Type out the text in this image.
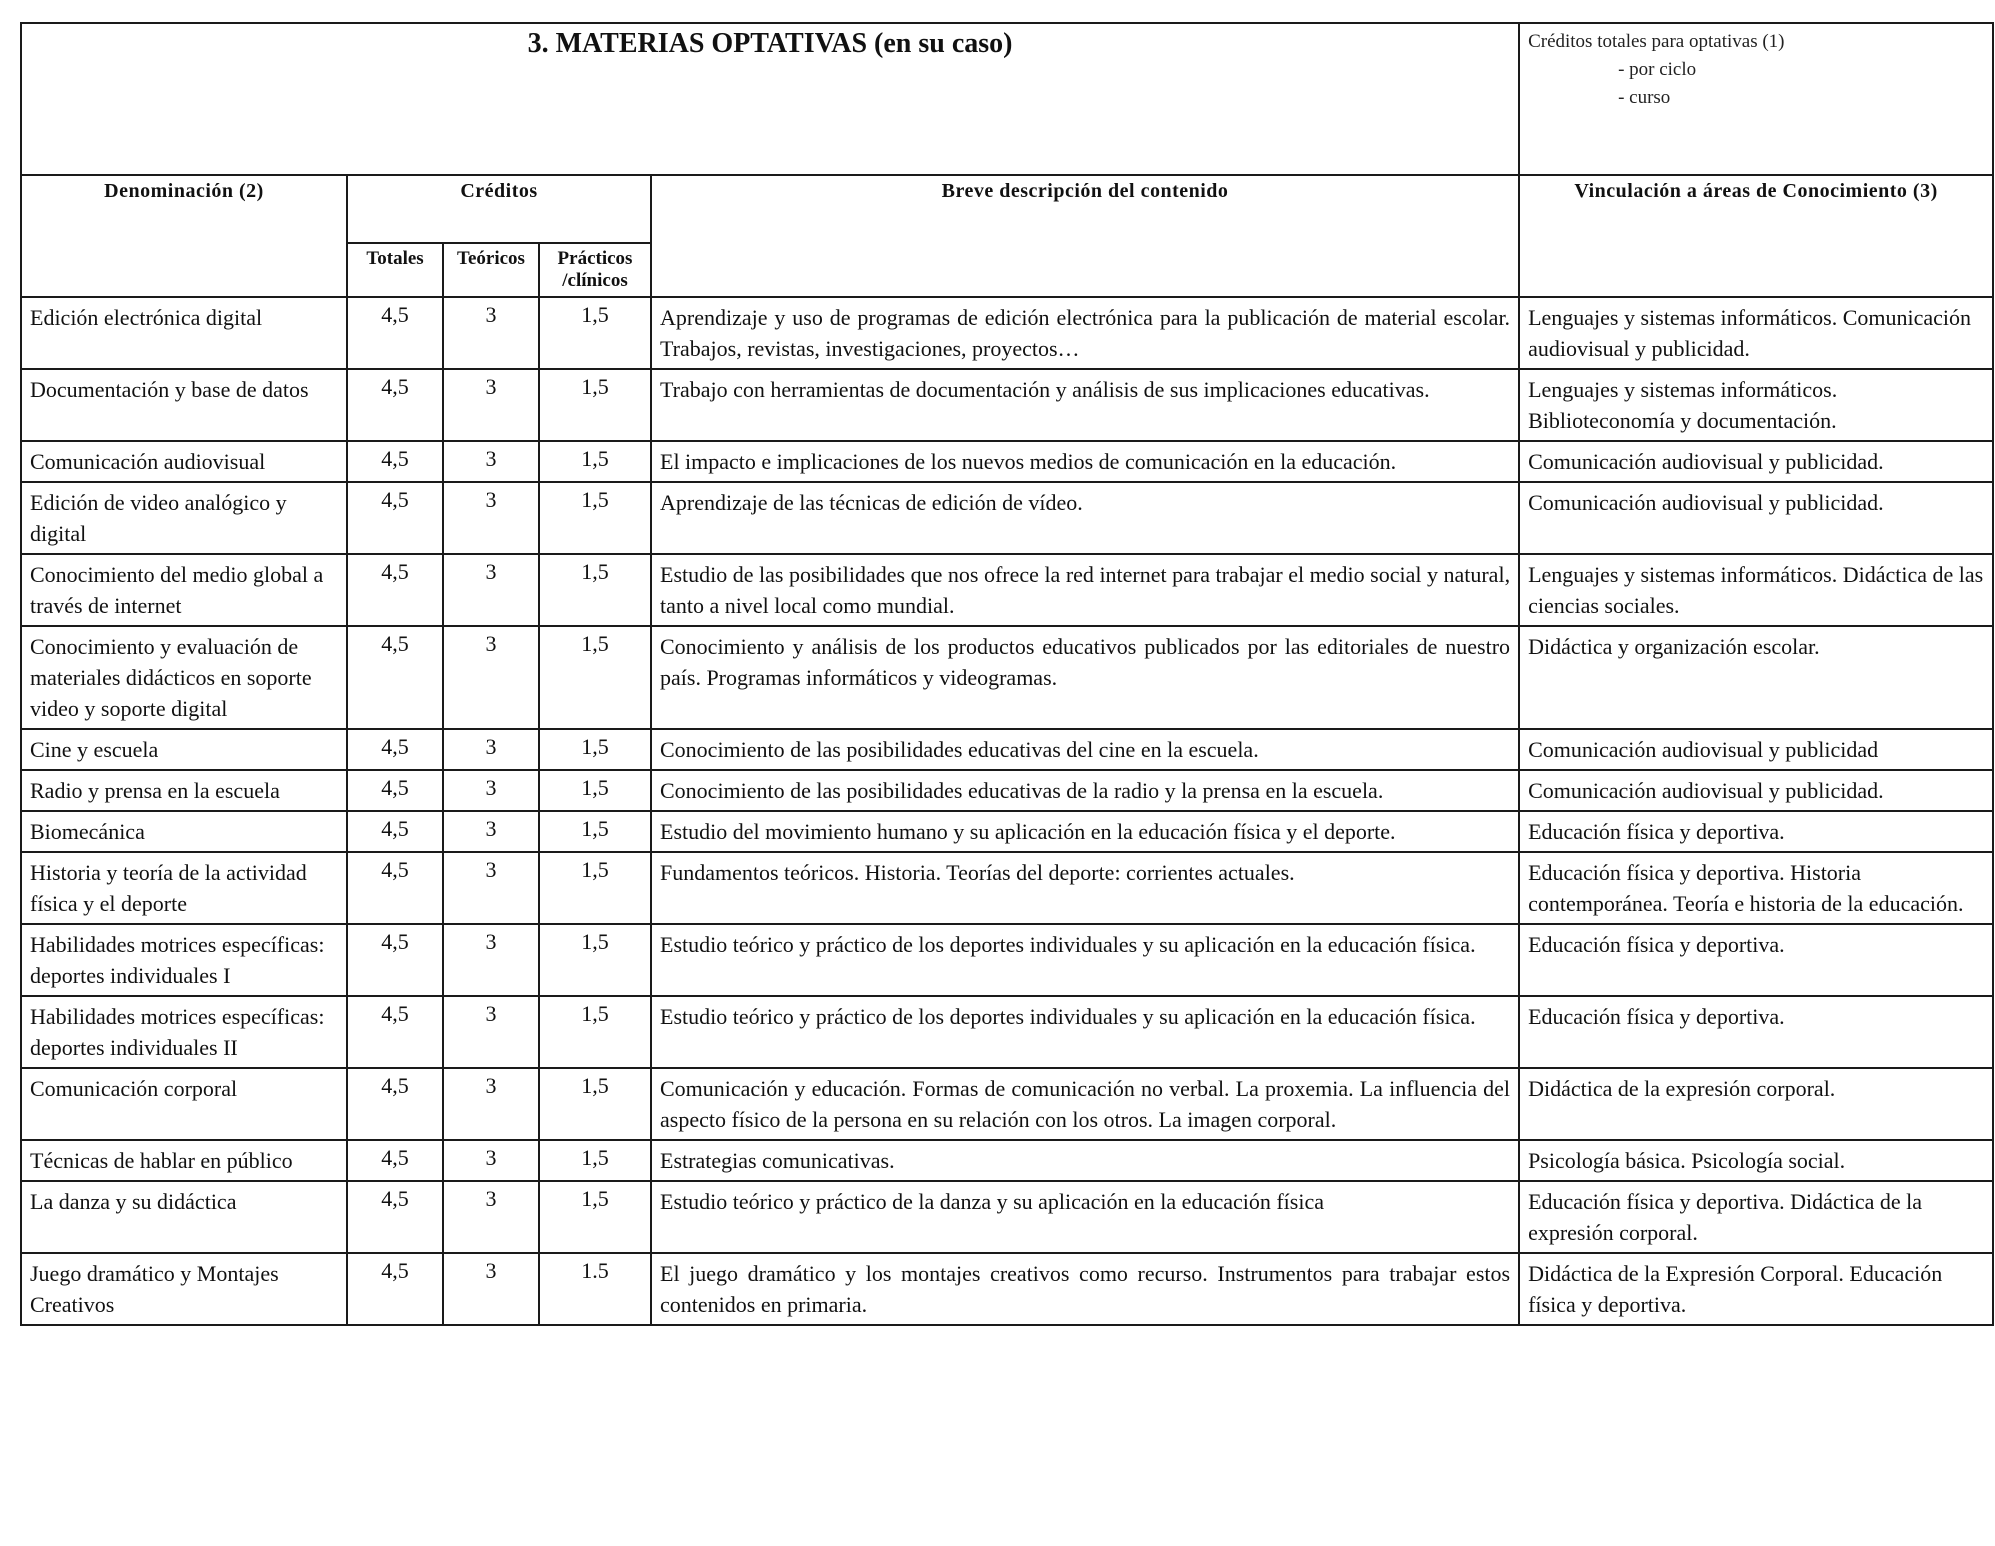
3. MATERIAS OPTATIVAS (en su caso)					Créditos totales para optativas (1)
- por ciclo
- curso

Denominación (2)	Créditos			Breve descripción del contenido	Vinculación a áreas de Conocimiento (3)
	Totales	Teóricos	Prácticos /clínicos		
Edición electrónica digital	4,5	3	1,5	Aprendizaje y uso de programas de edición electrónica para la publicación de material escolar. Trabajos, revistas, investigaciones, proyectos…	Lenguajes y sistemas informáticos. Comunicación audiovisual y publicidad.
Documentación y base de datos	4,5	3	1,5	Trabajo con herramientas de documentación y análisis de sus implicaciones educativas.	Lenguajes y sistemas informáticos. Biblioteconomía y documentación.
Comunicación audiovisual	4,5	3	1,5	El impacto e implicaciones de los nuevos medios de comunicación en la educación.	Comunicación audiovisual y publicidad.
Edición de video analógico y digital	4,5	3	1,5	Aprendizaje de las técnicas de edición de vídeo.	Comunicación audiovisual y publicidad.
Conocimiento del medio global a través de internet	4,5	3	1,5	Estudio de las posibilidades que nos ofrece la red internet para trabajar el medio social y natural, tanto a nivel local como mundial.	Lenguajes y sistemas informáticos. Didáctica de las ciencias sociales.
Conocimiento y evaluación de materiales didácticos en soporte video y soporte digital	4,5	3	1,5	Conocimiento y análisis de los productos educativos publicados por las editoriales de nuestro país. Programas informáticos y videogramas.	Didáctica y organización escolar.
Cine y escuela	4,5	3	1,5	Conocimiento de las posibilidades educativas del cine en la escuela.	Comunicación audiovisual y publicidad
Radio y prensa en la escuela	4,5	3	1,5	Conocimiento de las posibilidades educativas de la radio y la prensa en la escuela.	Comunicación audiovisual y publicidad.
Biomecánica	4,5	3	1,5	Estudio del movimiento humano y su aplicación en la educación física y el deporte.	Educación física y deportiva.
Historia y teoría de la actividad física y el deporte	4,5	3	1,5	Fundamentos teóricos. Historia. Teorías del deporte: corrientes actuales.	Educación física y deportiva. Historia contemporánea. Teoría e historia de la educación.
Habilidades motrices específicas: deportes individuales I	4,5	3	1,5	Estudio teórico y práctico de los deportes individuales y su aplicación en la educación física.	Educación física y deportiva.
Habilidades motrices específicas: deportes individuales II	4,5	3	1,5	Estudio teórico y práctico de los deportes individuales y su aplicación en la educación física.	Educación física y deportiva.
Comunicación corporal	4,5	3	1,5	Comunicación y educación. Formas de comunicación no verbal. La proxemia. La influencia del aspecto físico de la persona en su relación con los otros. La imagen corporal.	Didáctica de la expresión corporal.
Técnicas de hablar en público	4,5	3	1,5	Estrategias comunicativas.	Psicología básica. Psicología social.
La danza y su didáctica	4,5	3	1,5	Estudio teórico y práctico de la danza y su aplicación en la educación física	Educación física y deportiva. Didáctica de la expresión corporal.
Juego dramático y Montajes Creativos	4,5	3	1.5	El juego dramático y los montajes creativos como recurso. Instrumentos para trabajar estos contenidos en primaria.	Didáctica de la Expresión Corporal. Educación física y deportiva.
